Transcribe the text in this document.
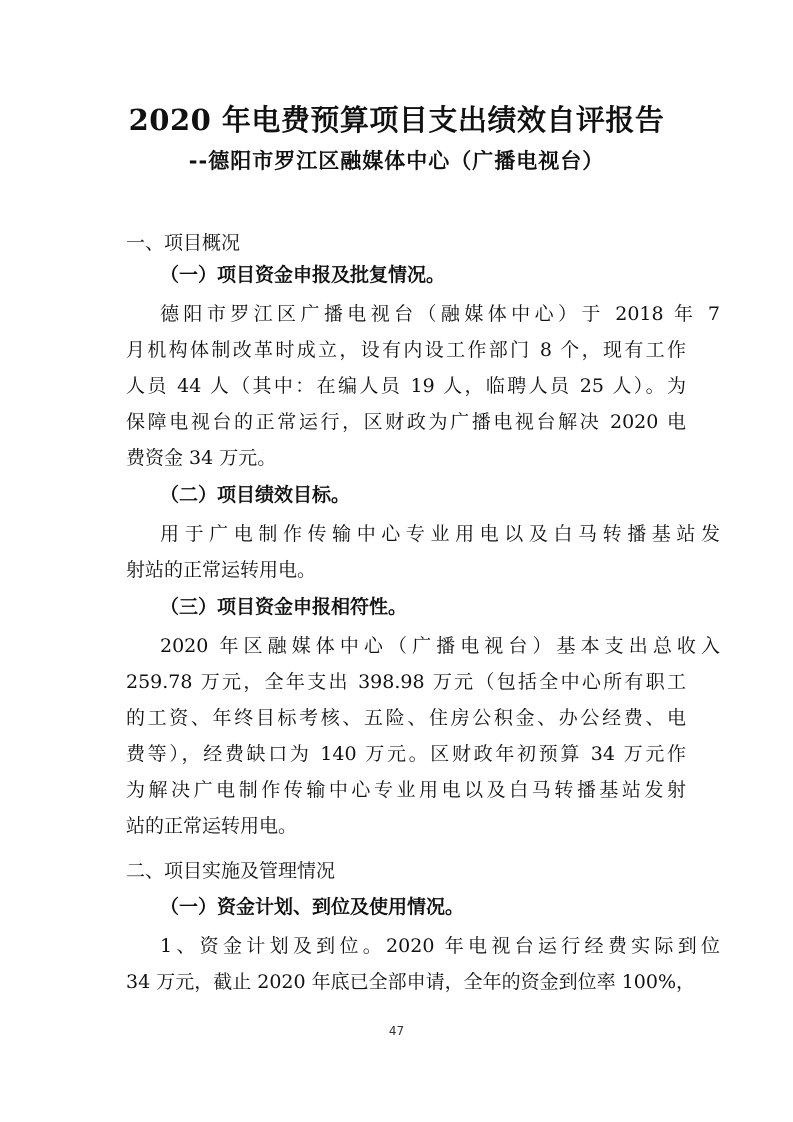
2020 年电费预算项目支出绩效自评报告
--德阳市罗江区融媒体中心（广播电视台）
一、项目概况
（一）项目资金申报及批复情况。
德阳市罗江区广播电视台（融媒体中心）于 2018 年 7
月机构体制改革时成立，设有内设工作部门 8 个，现有工作
人员 44 人（其中：在编人员 19 人，临聘人员 25 人）。为
保障电视台的正常运行，区财政为广播电视台解决 2020 电
费资金 34 万元。
（二）项目绩效目标。
用于广电制作传输中心专业用电以及白马转播基站发
射站的正常运转用电。
（三）项目资金申报相符性。
2020 年区融媒体中心（广播电视台）基本支出总收入
259.78 万元，全年支出 398.98 万元（包括全中心所有职工
的工资、年终目标考核、五险、住房公积金、办公经费、电
费等），经费缺口为 140 万元。区财政年初预算 34 万元作
为解决广电制作传输中心专业用电以及白马转播基站发射
站的正常运转用电。
二、项目实施及管理情况
（一）资金计划、到位及使用情况。
1、资金计划及到位。2020 年电视台运行经费实际到位
34 万元，截止 2020 年底已全部申请，全年的资金到位率 100%，
47
